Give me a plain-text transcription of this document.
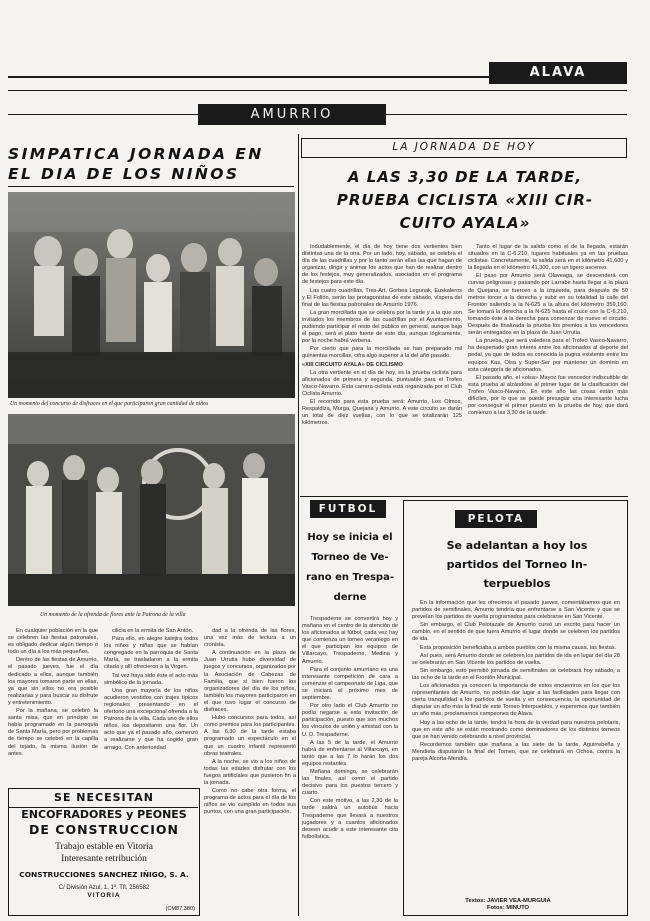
ALAVA
AMURRIO
SIMPATICA JORNADA EN
EL DIA DE LOS NIÑOS
Un momento del concurso de disfraces en el que participaron gran cantidad de niños
Un momento de la ofrenda de flores ante la Patrona de la villa

En cualquier población en la que se celebren las fiestas patronales, es obligado dedicar algún tiempo o todo un día a los más pequeños.

Dentro de las fiestas de Amurrio, el pasado jueves, fue el día dedicado a ellos, aunque también los mayores tomaron parte en ellas, ya que sin ellos no era posible realizarlas y para buscar su disfrute y entretenimiento.

Por la mañana, se celebró la santa misa, que en principio se había programado en la parroquia de Santa María, pero por problemas de tiempo se celebró en la capilla del tejado, la misma ilusión de antes.

cilicia en la ermita de San Antón.

Para ello, en alegre kalejira todos los niños y niñas que se habían congregado en la parroquia de Santa María, se trasladaron a la ermita citada y allí ofrecieron a la Virgen.

Tal vez haya sido éste el acto más simbólico de la jornada.

Una gran mayoría de los niños acudieron vestidos con trajes típicos regionales presentando en el ofertorio una excepcional ofrenda a la Patrona de la villa. Cada uno de ellos niños, los depositaron una flor. Un acto que ya el pasado año, comenzó a realizarse y que ha cogido gran arraigo. Con anterioridad

dad a la ofrenda de las flores, una vez más de lectura a un cronista.

A continuación en la plaza de Juan Urrutia hubo diversidad de juegos y concursos, organizados por la Asociación de Cabezas de Familia, que si bien fueron los organizadores del día de los niños, también los mayores participaron en el que tuvo lugar el concurso de disfraces.

Hubo concursos para todos, así como premios para los participantes. A las 6,30 de la tarde estaba programado un espectáculo en el que un cuadro infantil representó obras teatrales.

A la noche, se vio a los niños de todas las edades disfrutar con los fuegos artificiales que pusieron fin a la jornada.

Como no cabe otra forma, el programa de actos para el día de los niños se vio cumplido en todos sus puntos, con una gran participación.

SE NECESITAN
ENCOFRADORES y PEONES
DE CONSTRUCCION
Trabajo estable en Vitoria
Interesante retribución
CONSTRUCCIONES SANCHEZ IÑIGO, S. A.
C/ División Azul, 1, 1º. Tfl. 256582
VITORIA
(CM87.380)
LA JORNADA DE HOY
A LAS 3,30 DE LA TARDE,
PRUEBA CICLISTA «XIII CIR-
CUITO AYALA»

Indudablemente, el día de hoy tiene dos vertientes bien distintas una de la otra. Por un lado, hoy, sábado, se celebra el día de las cuadrillas y por lo tanto serán ellas las que hagan de organizar, dirigir y animar los actos que han de realizar dentro de los festejos, muy generalizados, asociados en el programa de festejos para este día.

Las cuatro cuadrillas, Tres-Art, Gorbea Legunak, Euskaleros y El Follón, serán las protagonistas de este sábado, víspera del final de las fiestas patronales de Amurrio 1976.

La gran morcillada que se celebra por la tarde y a la que son invitados los miembros de las cuadrillas por el Ayuntamiento, pudiendo participar el resto del público en general, aunque bajo el pago, será el plato fuerte de este día, aunque lógicamente, por la noche habrá verbena.

Por cierto que para la morcillada se han preparado mil quinientas morcillas, cifra algo superior a la del año pasado.

«XIII CIRCUITO AYALA» DE CICLISMO

La otra vertiente en el día de hoy, es la prueba ciclista para aficionados de primera y segunda, puntuable para el Trofeo Vasco-Navarro. Esta carrera ciclista está organizada por el Club Ciclista Amurrio.

El recorrido para esta prueba será: Amurrio, Los Olmos, Respaldiza, Murga, Quejana y Amurrio. A este circuito se darán un total de diez vueltas, con lo que se totalizarán 125 kilómetros.

Tanto el lugar de la salida como el de la llegada, estarán situados en la C-6.210, lugares habituales ya en las pruebas ciclistas. Concretamente, la salida será en el kilómetro 41,600 y la llegada en el kilómetro 41,300, con un ligero ascenso.

El paso por Amurrio será Olaveaga, se descenderá con curvas peligrosas y pasando por Larrabe hasta llegar a la plaza de Quejana, se tuercen a la izquierda, para después de 50 metros torcer a la derecha y subir en su totalidad la calle del Frontón saliendo a la N-625 a la altura del kilómetro 359,160. Se tomará la derecha a la N-625 hasta el cruce con la C-6.210, tomando éste a la derecha para comenzar de nuevo el circuito. Después de finalizada la prueba los premios a los vencedores serán entregados en la plaza de Juan Urrutia.

La prueba, que será valedera para el Trofeo Vasco-Navarro, ha despertado gran interés entre los aficionados al deporte del pedal, ya que de todos es conocida la pugna existente entre los equipos Kas, Olsa y Super-Ser por mantener un dominio en esta categoría de aficionados.

El pasado año, el «olsa» Mayoz fue vencedor indiscutible de esta prueba al alzándose al primer lugar de la clasificación del Trofeo Vasco-Navarro. En este año las cosas están más difíciles, por lo que se puede presagiar una interesante lucha por conseguir el primer puesto en la prueba de hoy, que dará comienzo a las 3,30 de la tarde.

FUTBOL
Hoy se inicia el
Torneo de Ve-
rano en Trespa-
derne

Trespaderne se convertirá hoy y mañana en el centro de la atención de los aficionados al fútbol, cada vez hay que comienza un torneo veraniego en el que participan los equipos de Villarcayo, Trespaderne, Medina y Amurrio.

Para el conjunto amurriano es una interesante competición de cara a comenzar el campeonato de Liga, que se iniciará el próximo mes de septiembre.

Por otro lado el Club Amurrio no podía negarse a esta invitación de participación, puesto que son muchos los vínculos de unión y amistad con la U. D. Trespaderne.

A las 5 de la tarde, el Amurrio habrá de enfrentarse al Villarcayo, en tanto que a las 7 lo harán los dos equipos restantes.

Mañana domingo, se celebrarán las finales, así como el partido decisivo para los puestos tercero y cuarto.

Con este motivo, a las 2,30 de la tarde saldrá un autobús hacia Trespaderne que llevará a nuestros jugadores y a cuantos aficionados deseen acudir a este interesante cita futbolística.

PELOTA
Se adelantan a hoy los
partidos del Torneo In-
terpueblos

En la información que les ofrecimos el pasado jueves, comentábamos que en partidos de semifinales, Amurrio tendría que enfrentarse a San Vicente y que se preveían los partidos de vuelta programados para celebrarse en San Vicente.

Sin embargo, el Club Pelotazale de Amurrio cursó un escrito para hacer un cambio, en el sentido de que fuera Amurrio el lugar donde se celebren los partidos de ida.

Esta proposición beneficiaba a ambos pueblos con la misma causa, las fiestas.

Así pues, será Amurrio donde se celebren los partidos de ida en lugar del día 28 se celebrarán en San Vicente los partidos de vuelta.

Sin embargo, esto permitió jornada de semifinales se celebrará hoy sábado, a las ocho de la tarde en el Frontón Municipal.

Los aficionados ya conocen la importancia de estos encuentros en los que los representantes de Amurrio, no podrán dar lugar a las facilidades para llegar con cierta tranquilidad a los partidos de vuelta y en consecuencia, la oportunidad de disputar un año más la final de este Torneo Interpueblos, y esperemos que también un año más, proclamarnos campeones de Alava.

Hoy a las ocho de la tarde, tendrá la hora de la verdad para nuestros pelotaris, que en este año se están mostrando como dominadores de los distintos torneos que se han venido celebrando a nivel provincial.

Recordemos también que mañana a las siete de la tarde, Aguirrebeña y Mendieta disputarán la final del Torneo, que se celebrará en Ochoa, contra la pareja Alcorta-Mendía.

Textos: JAVIER VEA-MURGUIA
Fotos: MINUTO
